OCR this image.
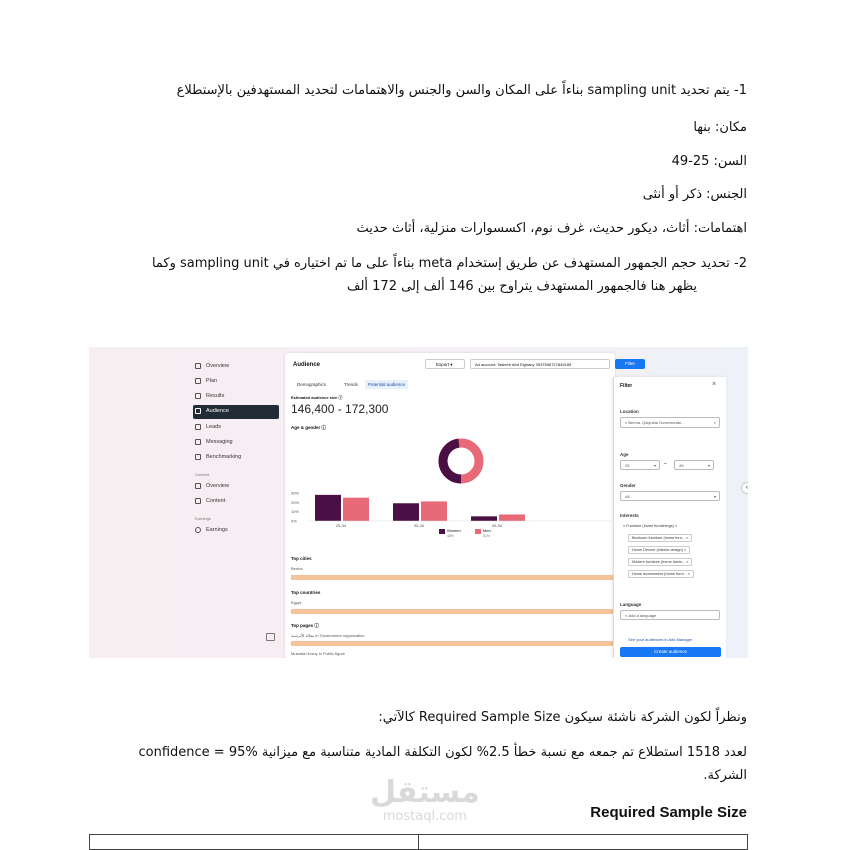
1- يتم تحديد sampling unit بناءاً على المكان والسن والجنس والاهتمامات لتحديد المستهدفين بالإستطلاع
مكان: بنها
السن: 25-49
الجنس: ذكر أو أنثى
اهتمامات: أثاث، ديكور حديث، غرف نوم، اكسسوارات منزلية، أثاث حديث
2- تحديد حجم الجمهور المستهدف عن طريق إستخدام meta بناءاً على ما تم اختياره في sampling unit وكما
يظهر هنا فالجمهور المستهدف يتراوح بين 146 ألف إلى 172 ألف
Overview
Plan
Results
Audience
Leads
Messaging
Benchmarking
Content
Overview
Content
Earnings
Earnings
Audience	Export ▾	Ad account: Tasleeh Abd Elghany 3937556727845185	Filter
Demographics	Trends	Potential audience
Estimated audience size ⓘ
146,400 - 172,300
Age & gender ⓘ
30%
20%
10%
0%
25-34	35-44	45-54
Women
48%
Men
51%
Top cities
Benha
Top countries
Egypt
Top pages ⓘ
مقالة الأبرشية in Government organization
Mustafa Hosny in Public figure
Filter	×
Location
⌕ Benha, Qalyubia Governorate...	×
Age
25	▾ –	49	▾
Gender
All	▾
Interests
⌕ Furniture (home furnishings) ×
Bedroom furniture (home furn... ×
Home Decore (interior design) ×
Modern furniture (home furnis... ×
Home accessories (home furni... ×
Language
⌕ Add a language
See your audiences in Ads Manager
Create audience
‹
ونظراً لكون الشركة ناشئة سيكون Required Sample Size كالآتي:
confidence = 95% لعدد 1518 استطلاع تم جمعه مع نسبة خطأ 2.5% لكون التكلفة المادية متناسبة مع ميزانية
الشركة.
مستقل
mostaql.com	Required Sample Size
